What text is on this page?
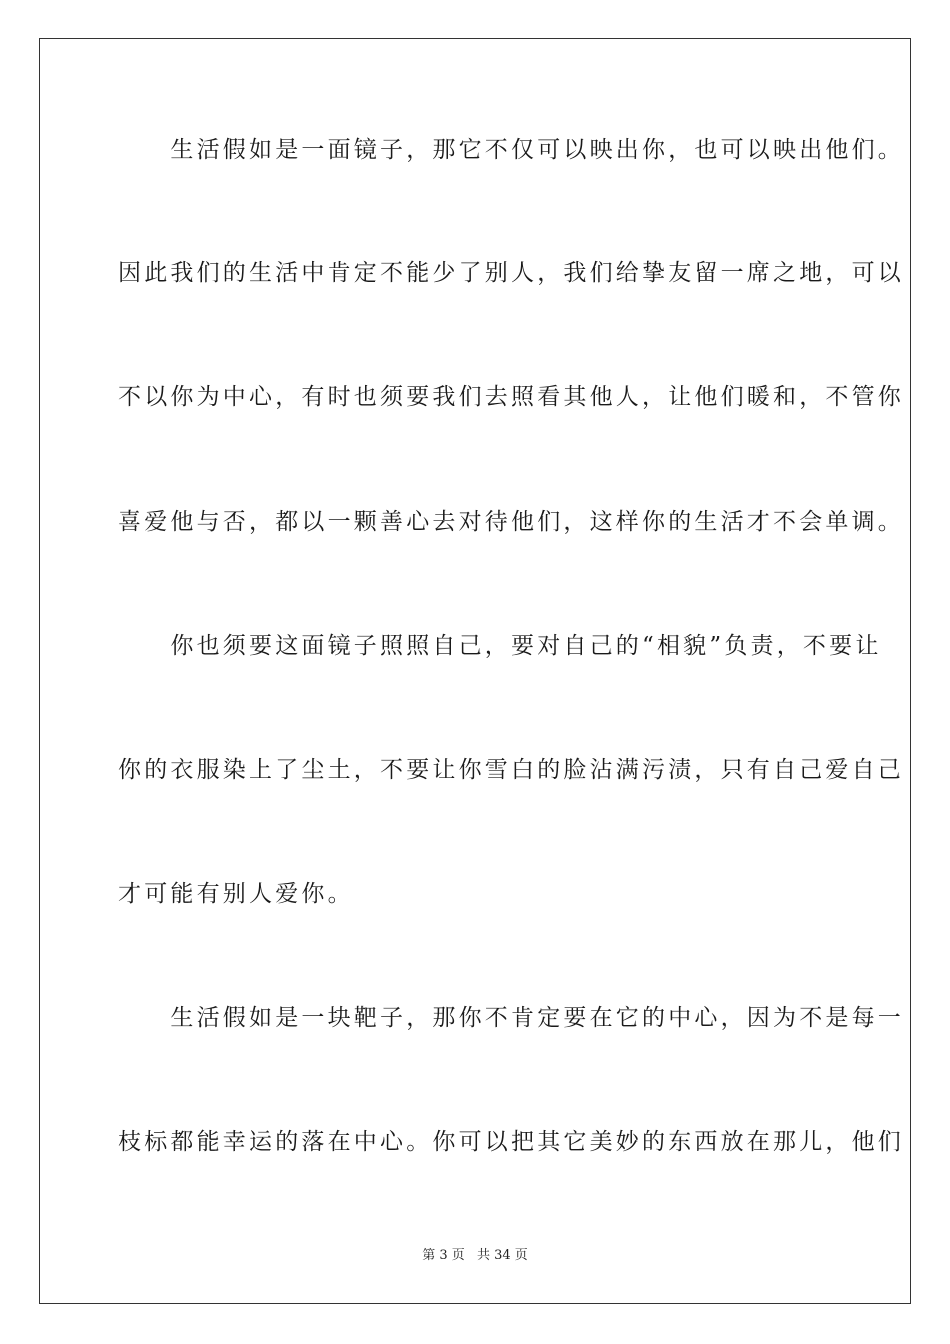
　　生活假如是一面镜子，那它不仅可以映出你，也可以映出他们。
因此我们的生活中肯定不能少了别人，我们给挚友留一席之地，可以
不以你为中心，有时也须要我们去照看其他人，让他们暖和，不管你
喜爱他与否，都以一颗善心去对待他们，这样你的生活才不会单调。
　　你也须要这面镜子照照自己，要对自己的“相貌”负责，不要让
你的衣服染上了尘土，不要让你雪白的脸沾满污渍，只有自己爱自己
才可能有别人爱你。
　　生活假如是一块靶子，那你不肯定要在它的中心，因为不是每一
枝标都能幸运的落在中心。你可以把其它美妙的东西放在那儿，他们
第 3 页 共 34 页
